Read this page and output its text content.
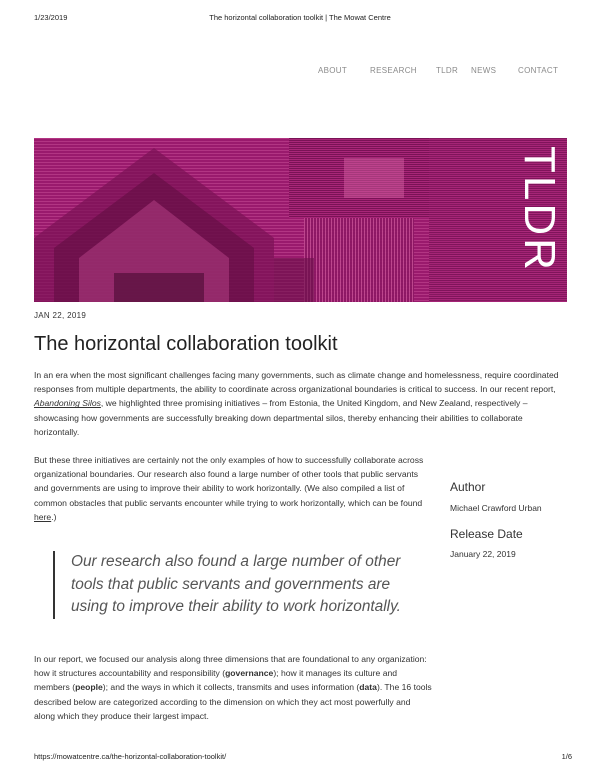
1/23/2019	The horizontal collaboration toolkit | The Mowat Centre
ABOUT	RESEARCH TLDR NEWS	CONTACT
TLDR
JAN 22, 2019
The horizontal collaboration toolkit

In an era when the most significant challenges facing many governments, such as climate change and homelessness, require coordinated responses from multiple departments, the ability to coordinate across organizational boundaries is critical to success. In our recent report, Abandoning Silos, we highlighted three promising initiatives – from Estonia, the United Kingdom, and New Zealand, respectively – showcasing how governments are successfully breaking down departmental silos, thereby enhancing their abilities to collaborate horizontally.

But these three initiatives are certainly not the only examples of how to successfully collaborate across organizational boundaries. Our research also found a large number of other tools that public servants and governments are using to improve their ability to work horizontally. (We also compiled a list of common obstacles that public servants encounter while trying to work horizontally, which can be found here.)

Our research also found a large number of other tools that public servants and governments are using to improve their ability to work horizontally.

In our report, we focused our analysis along three dimensions that are foundational to any organization: how it structures accountability and responsibility (governance); how it manages its culture and members (people); and the ways in which it collects, transmits and uses information (data). The 16 tools described below are categorized according to the dimension on which they act most powerfully and along which they produce their largest impact.

Author
Michael Crawford Urban
Release Date
January 22, 2019
https://mowatcentre.ca/the-horizontal-collaboration-toolkit/	1/6
